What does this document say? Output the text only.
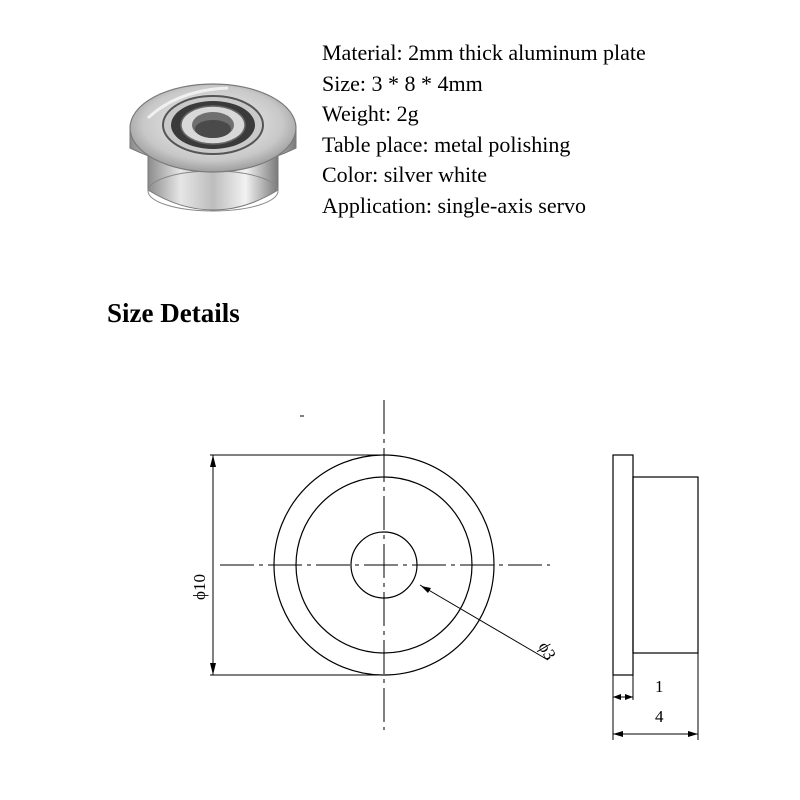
Material: 2mm thick aluminum plate
Size: 3 * 8 * 4mm
Weight: 2g
Table place: metal polishing
Color: silver white
Application: single-axis servo
Size Details
ϕ10
ϕ3
1
4
